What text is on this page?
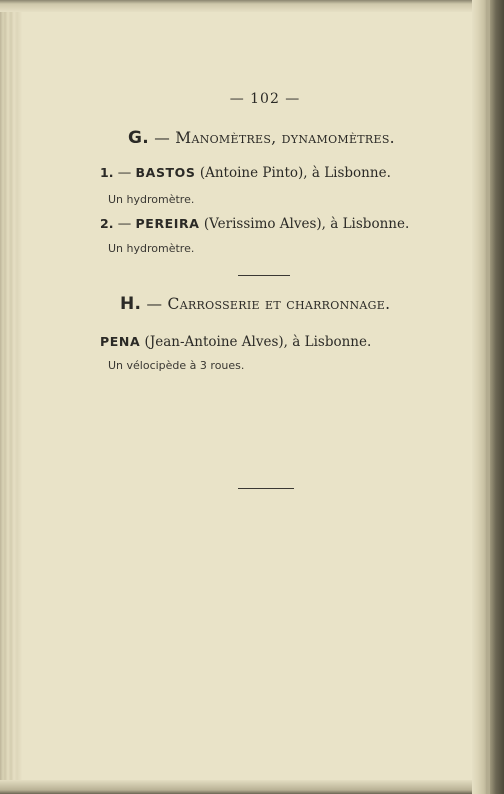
— 102 —
G. — Manomètres, dynamomètres.
1. — BASTOS (Antoine Pinto), à Lisbonne.
Un hydromètre.
2. — PEREIRA (Verissimo Alves), à Lisbonne.
Un hydromètre.
H. — Carrosserie et charronnage.
PENA (Jean-Antoine Alves), à Lisbonne.
Un vélocipède à 3 roues.
